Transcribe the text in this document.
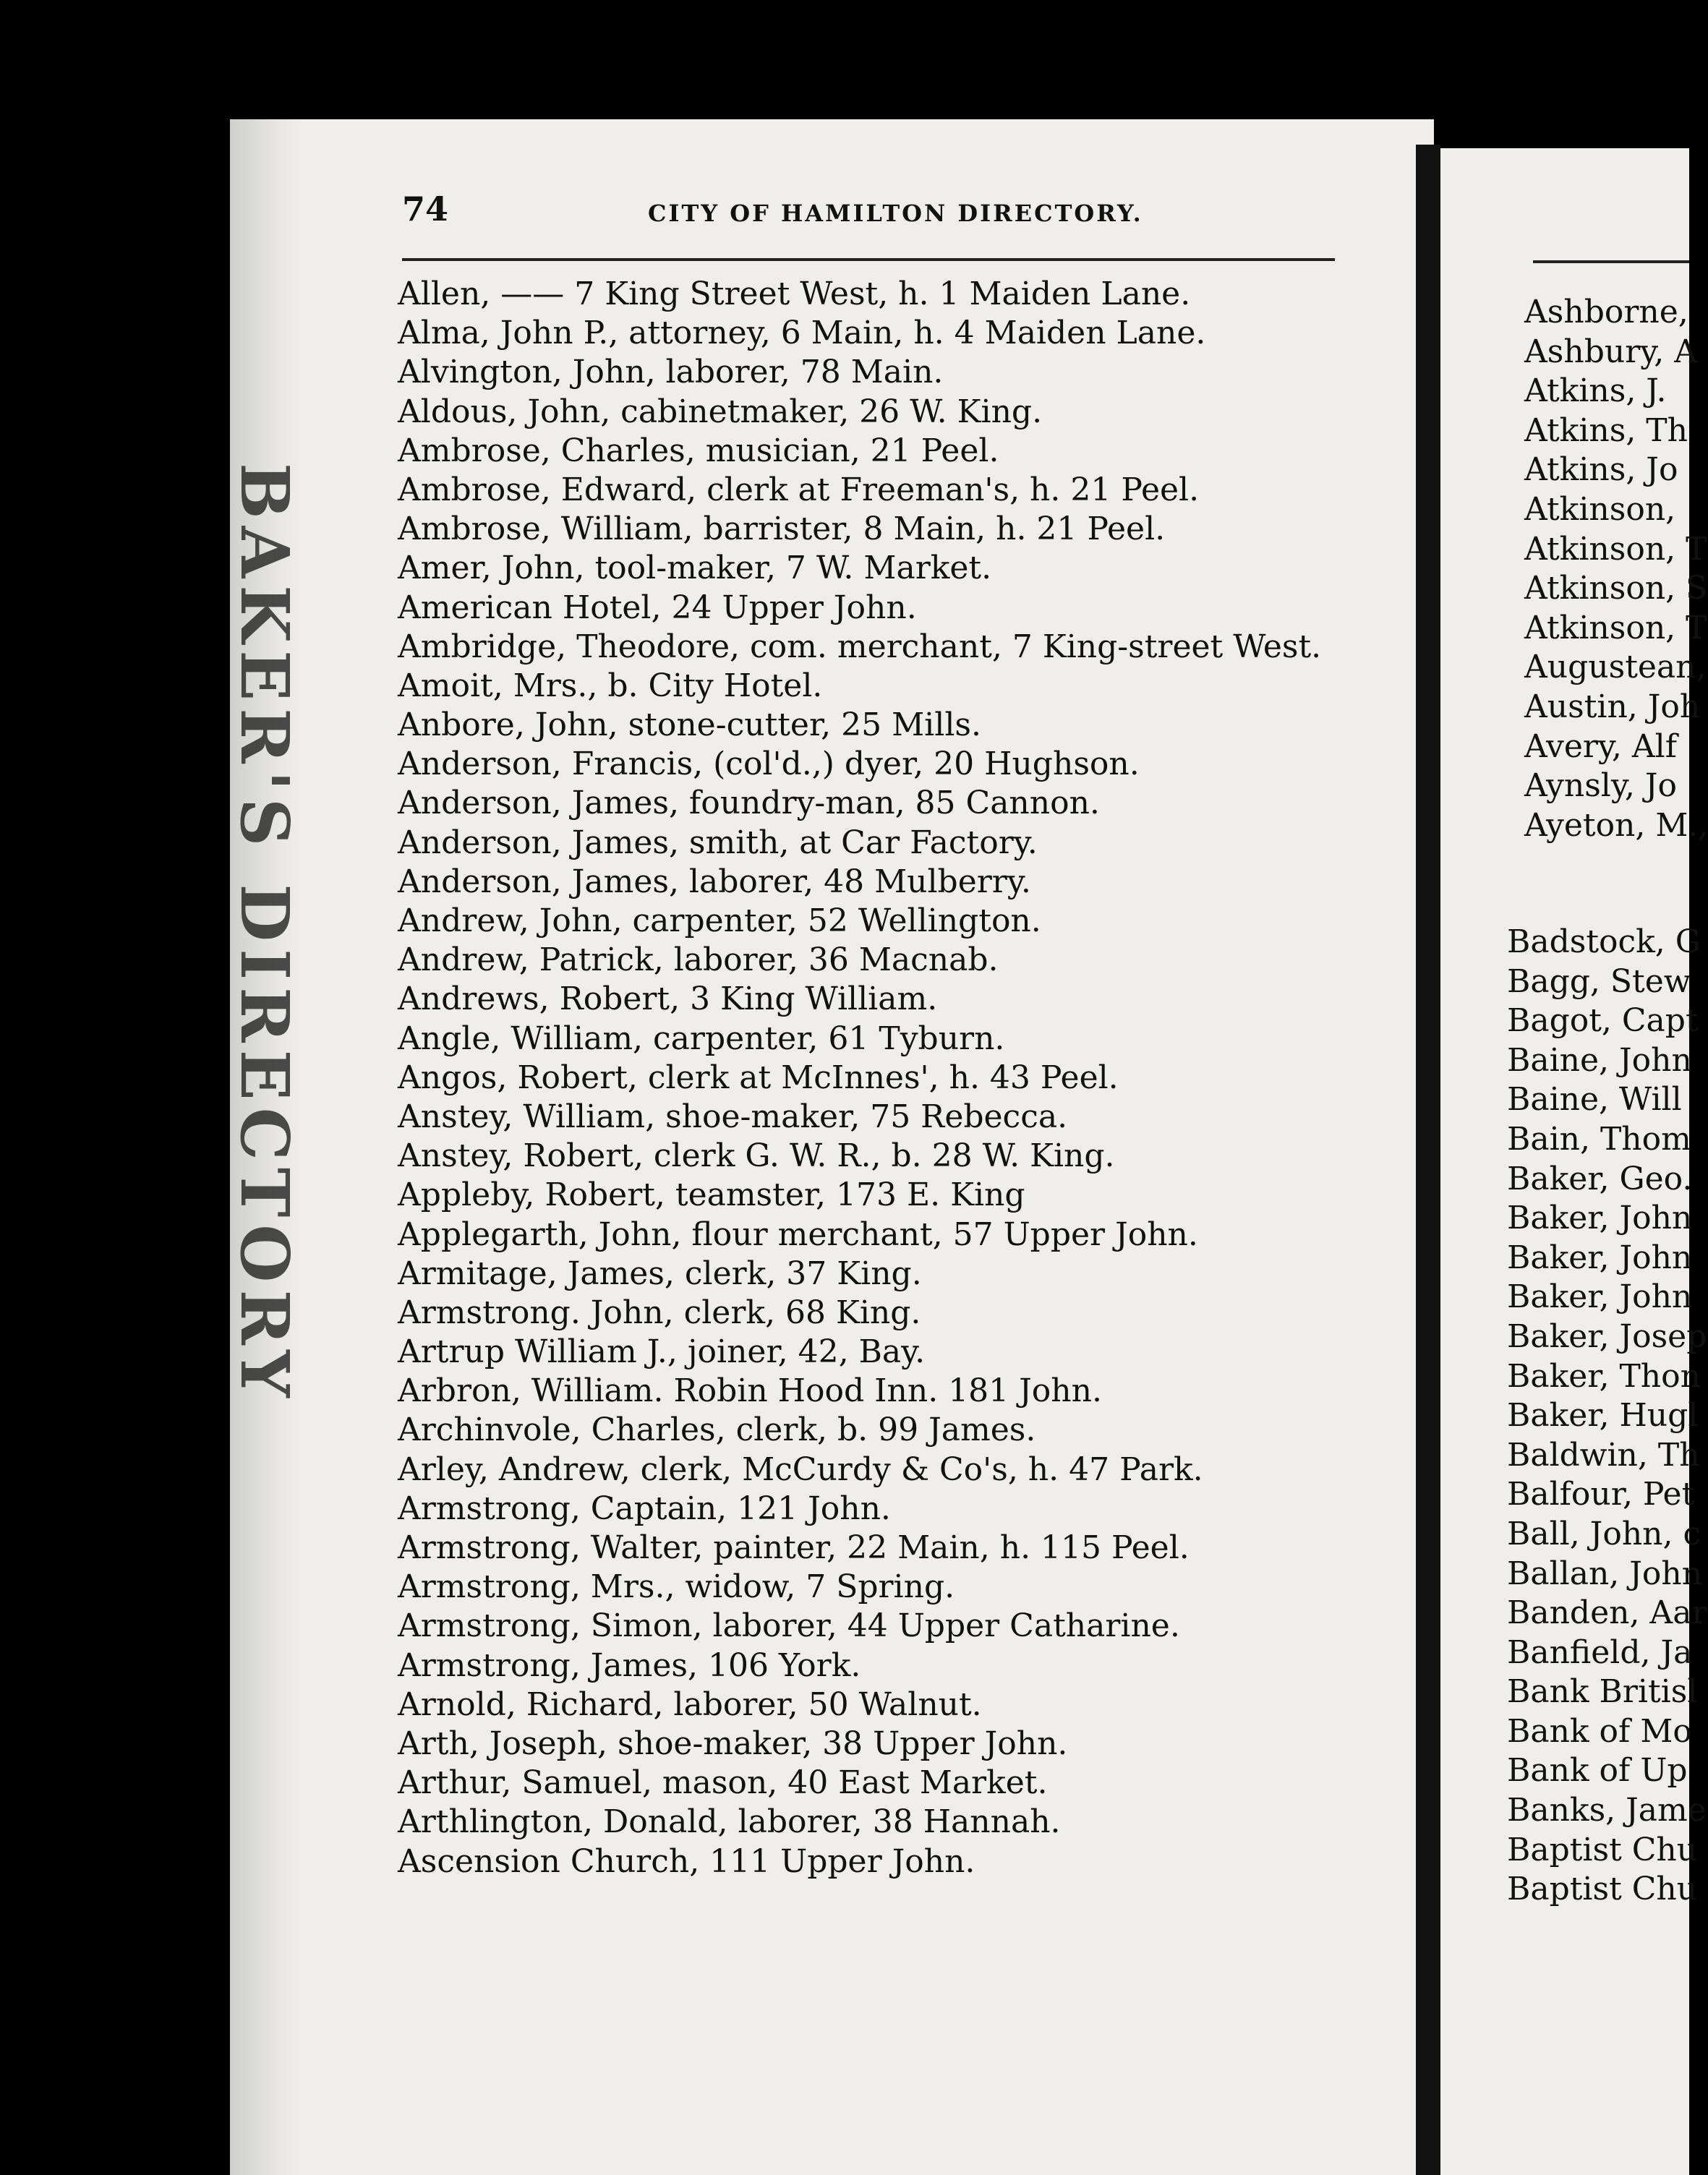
BAKER'S DIRECTORY
74	CITY OF HAMILTON DIRECTORY.
Allen, —— 7 King Street West, h. 1 Maiden Lane.
Alma, John P., attorney, 6 Main, h. 4 Maiden Lane.
Alvington, John, laborer, 78 Main.
Aldous, John, cabinetmaker, 26 W. King.
Ambrose, Charles, musician, 21 Peel.
Ambrose, Edward, clerk at Freeman's, h. 21 Peel.
Ambrose, William, barrister, 8 Main, h. 21 Peel.
Amer, John, tool-maker, 7 W. Market.
American Hotel, 24 Upper John.
Ambridge, Theodore, com. merchant, 7 King-street West.
Amoit, Mrs., b. City Hotel.
Anbore, John, stone-cutter, 25 Mills.
Anderson, Francis, (col'd.,) dyer, 20 Hughson.
Anderson, James, foundry-man, 85 Cannon.
Anderson, James, smith, at Car Factory.
Anderson, James, laborer, 48 Mulberry.
Andrew, John, carpenter, 52 Wellington.
Andrew, Patrick, laborer, 36 Macnab.
Andrews, Robert, 3 King William.
Angle, William, carpenter, 61 Tyburn.
Angos, Robert, clerk at McInnes', h. 43 Peel.
Anstey, William, shoe-maker, 75 Rebecca.
Anstey, Robert, clerk G. W. R., b. 28 W. King.
Appleby, Robert, teamster, 173 E. King
Applegarth, John, flour merchant, 57 Upper John.
Armitage, James, clerk, 37 King.
Armstrong. John, clerk, 68 King.
Artrup William J., joiner, 42, Bay.
Arbron, William. Robin Hood Inn. 181 John.
Archinvole, Charles, clerk, b. 99 James.
Arley, Andrew, clerk, McCurdy & Co's, h. 47 Park.
Armstrong, Captain, 121 John.
Armstrong, Walter, painter, 22 Main, h. 115 Peel.
Armstrong, Mrs., widow, 7 Spring.
Armstrong, Simon, laborer, 44 Upper Catharine.
Armstrong, James, 106 York.
Arnold, Richard, laborer, 50 Walnut.
Arth, Joseph, shoe-maker, 38 Upper John.
Arthur, Samuel, mason, 40 East Market.
Arthlington, Donald, laborer, 38 Hannah.
Ascension Church, 111 Upper John.
Ashborne,
Ashbury, A
Atkins, J.
Atkins, Th
Atkins, Jo
Atkinson,
Atkinson, T
Atkinson, S
Atkinson, T
Augustean,
Austin, Joh
Avery, Alf
Aynsly, Jo
Ayeton, M.,
Badstock, G
Bagg, Stew
Bagot, Capt
Baine, John
Baine, Will
Bain, Thom
Baker, Geo.
Baker, John
Baker, John
Baker, John
Baker, Josep
Baker, Thon
Baker, Hugl
Baldwin, Th
Balfour, Pet
Ball, John, c
Ballan, John
Banden, Aar
Banfield, Ja
Bank Britisl
Bank of Mo
Bank of Up
Banks, Jame
Baptist Chu
Baptist Chu
